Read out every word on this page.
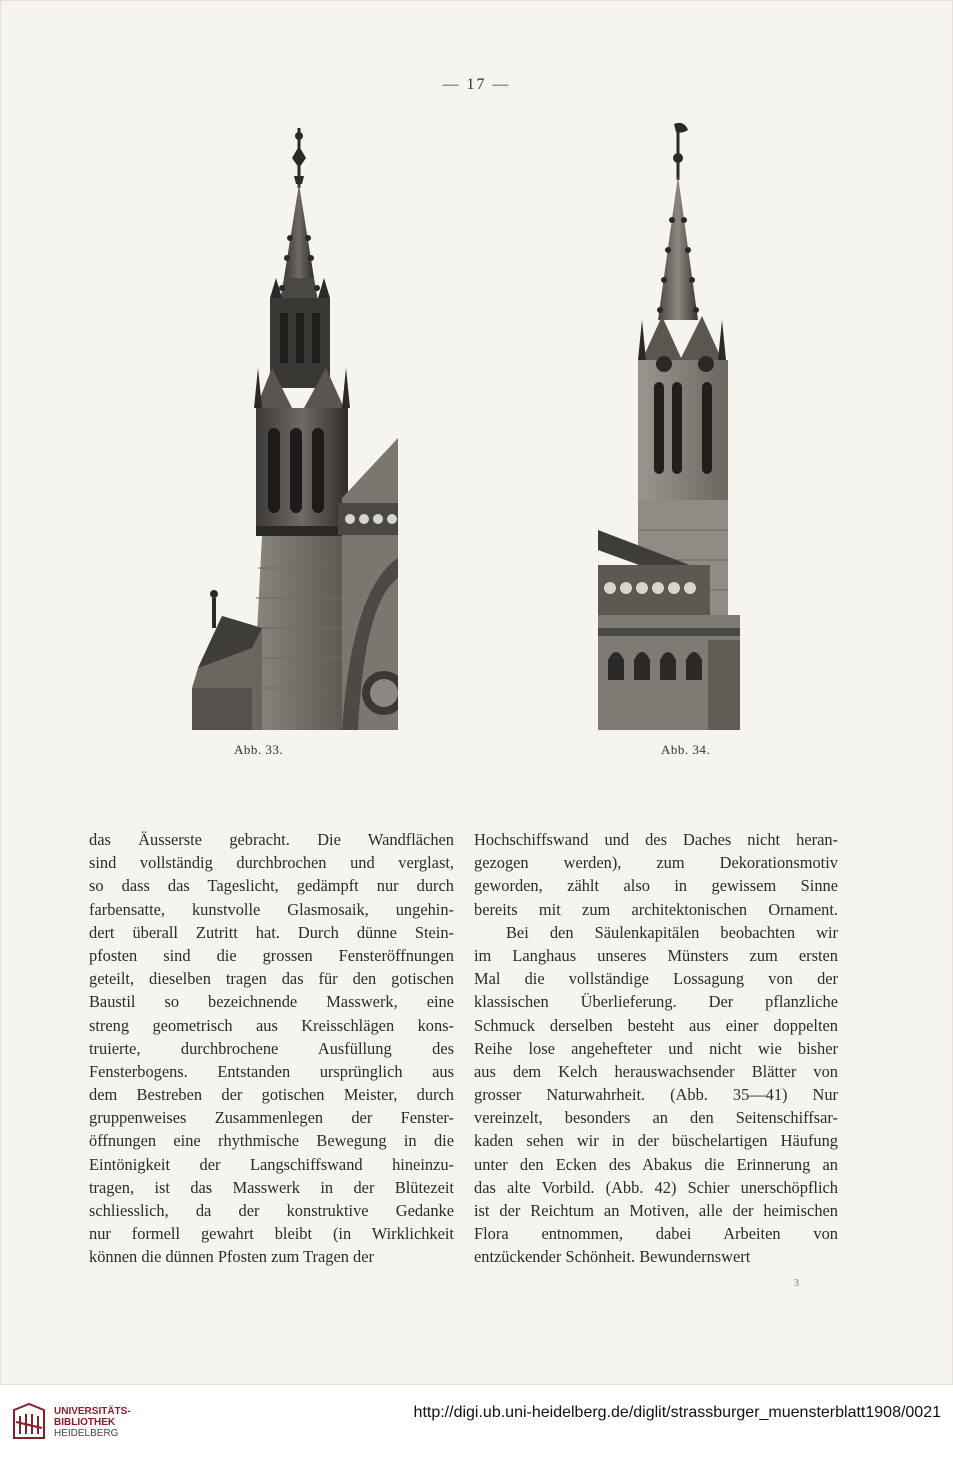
— 17 —
Abb. 33.	Abb. 34.
das Äusserste gebracht. Die Wandflächen
sind vollständig durchbrochen und verglast,
so dass das Tageslicht, gedämpft nur durch
farbensatte, kunstvolle Glasmosaik, ungehin-
dert überall Zutritt hat. Durch dünne Stein-
pfosten sind die grossen Fensteröffnungen
geteilt, dieselben tragen das für den gotischen
Baustil so bezeichnende Masswerk, eine
streng geometrisch aus Kreisschlägen kons-
truierte, durchbrochene Ausfüllung des
Fensterbogens. Entstanden ursprünglich aus
dem Bestreben der gotischen Meister, durch
gruppenweises Zusammenlegen der Fenster-
öffnungen eine rhythmische Bewegung in die
Eintönigkeit der Langschiffswand hineinzu-
tragen, ist das Masswerk in der Blütezeit
schliesslich, da der konstruktive Gedanke
nur formell gewahrt bleibt (in Wirklichkeit
können die dünnen Pfosten zum Tragen der
Hochschiffswand und des Daches nicht heran-
gezogen werden), zum Dekorationsmotiv
geworden, zählt also in gewissem Sinne
bereits mit zum architektonischen Ornament.
Bei den Säulenkapitälen beobachten wir
im Langhaus unseres Münsters zum ersten
Mal die vollständige Lossagung von der
klassischen Überlieferung. Der pflanzliche
Schmuck derselben besteht aus einer doppelten
Reihe lose angehefteter und nicht wie bisher
aus dem Kelch herauswachsender Blätter von
grosser Naturwahrheit. (Abb. 35—41) Nur
vereinzelt, besonders an den Seitenschiffsar-
kaden sehen wir in der büschelartigen Häufung
unter den Ecken des Abakus die Erinnerung an
das alte Vorbild. (Abb. 42) Schier unerschöpflich
ist der Reichtum an Motiven, alle der heimischen
Flora entnommen, dabei Arbeiten von
entzückender Schönheit. Bewundernswert
3
UNIVERSITÄTS-
BIBLIOTHEK
HEIDELBERG
http://digi.ub.uni-heidelberg.de/diglit/strassburger_muensterblatt1908/0021
